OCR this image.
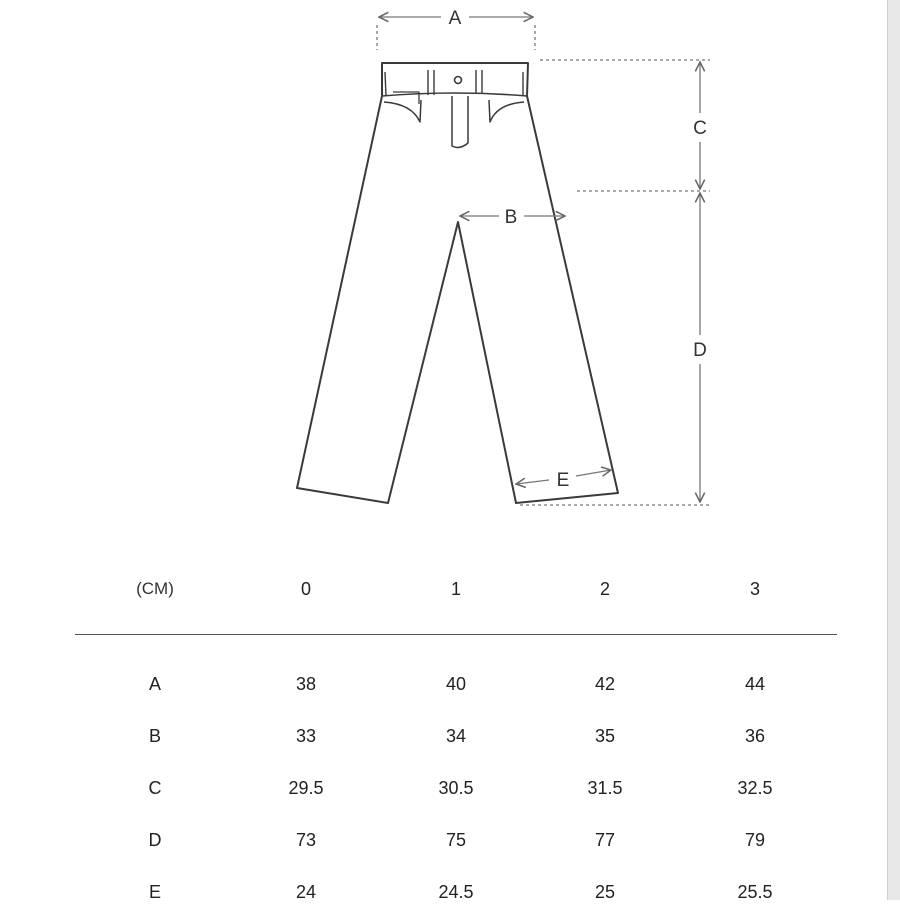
A
B
C
D
E
(CM)	0	1	2	3
A	38	40	42	44
B	33	34	35	36
C	29.5	30.5	31.5	32.5
D	73	75	77	79
E	24	24.5	25	25.5
